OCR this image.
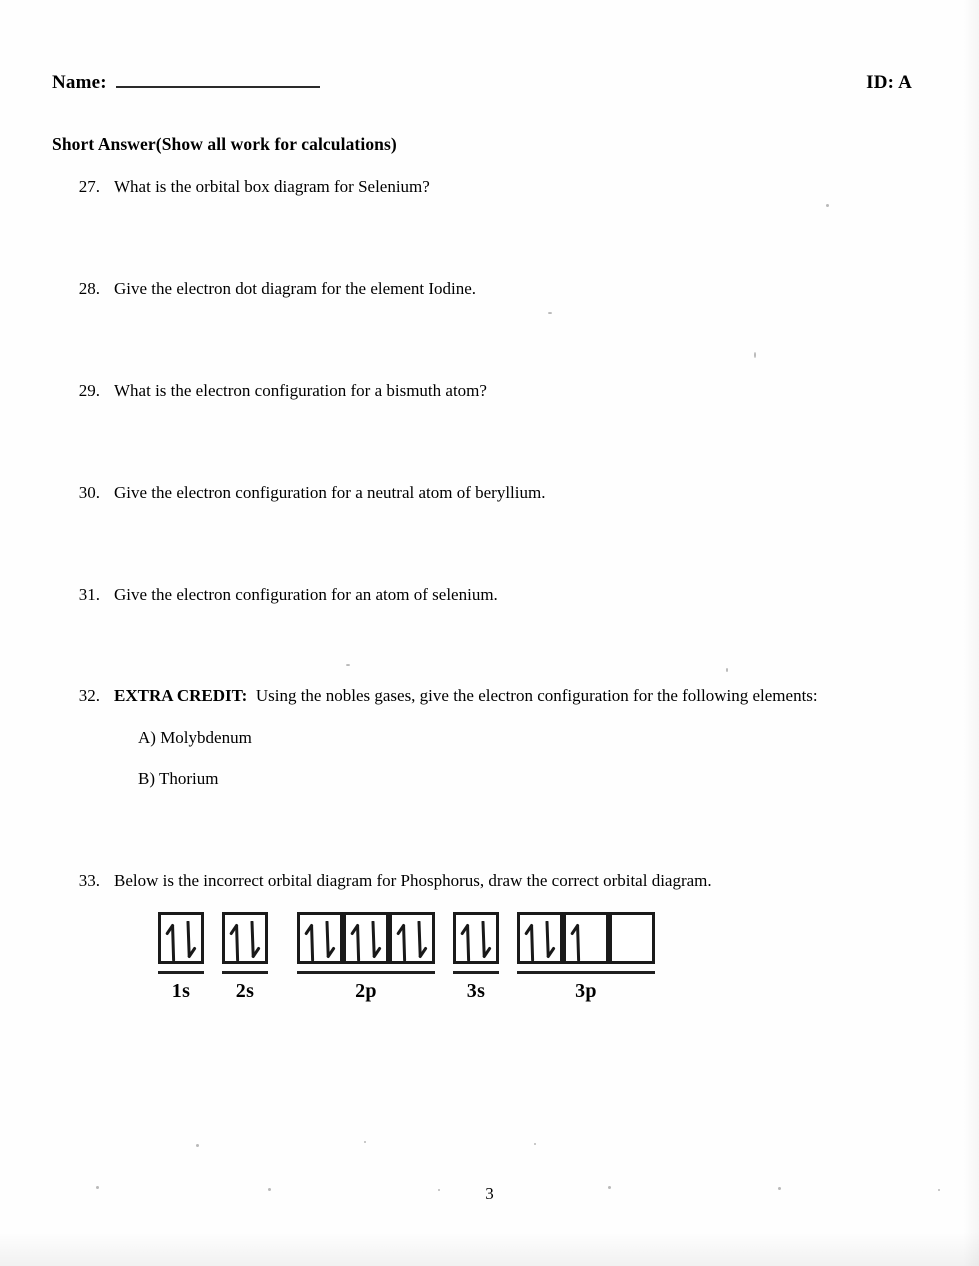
Name:	ID: A
Short Answer(Show all work for calculations)
27. What is the orbital box diagram for Selenium?
28. Give the electron dot diagram for the element Iodine.
29. What is the electron configuration for a bismuth atom?
30. Give the electron configuration for a neutral atom of beryllium.
31. Give the electron configuration for an atom of selenium.
32. EXTRA CREDIT: Using the nobles gases, give the electron configuration for the following elements:
A) Molybdenum
B) Thorium
33. Below is the incorrect orbital diagram for Phosphorus, draw the correct orbital diagram.
1s 2s	2p	3s	3p
3
